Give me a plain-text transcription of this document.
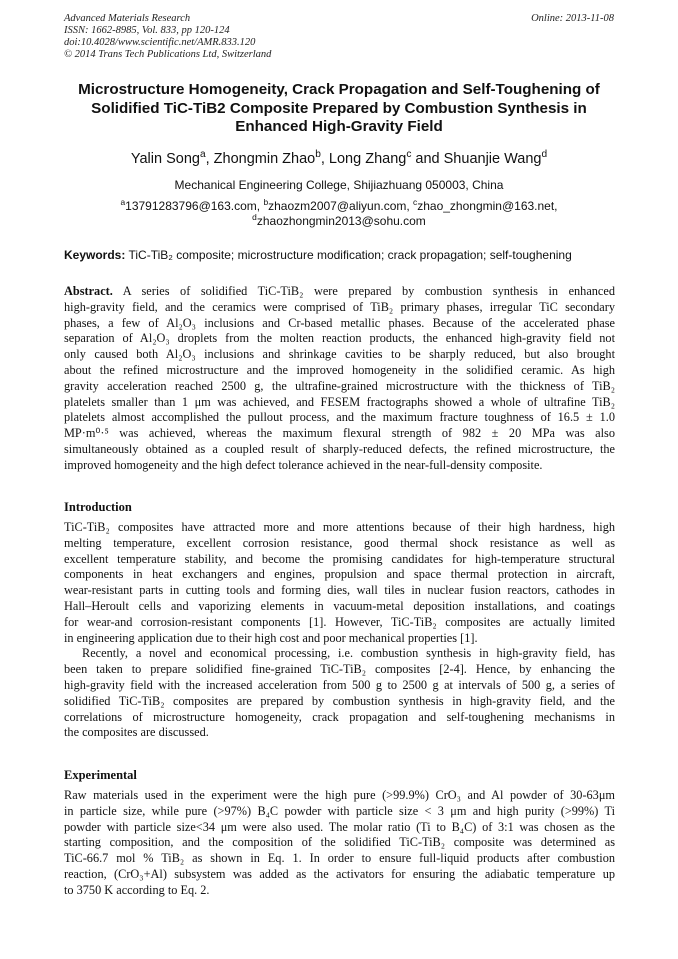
Advanced Materials Research
ISSN: 1662-8985, Vol. 833, pp 120-124
doi:10.4028/www.scientific.net/AMR.833.120
© 2014 Trans Tech Publications Ltd, Switzerland
Online: 2013-11-08
Microstructure Homogeneity, Crack Propagation and Self-Toughening of
Solidified TiC-TiB2 Composite Prepared by Combustion Synthesis in
Enhanced High-Gravity Field
Yalin Song$^a$, Zhongmin Zhao$^b$, Long Zhang$^c$ and Shuanjie Wang$^d$
Mechanical Engineering College, Shijiazhuang 050003, China
$^a$13791283796@163.com, $^b$zhaozm2007@aliyun.com, $^c$zhao_zhongmin@163.net,
$^d$zhaozhongmin2013@sohu.com
Keywords: TiC-TiB₂ composite; microstructure modification; crack propagation; self-toughening
Abstract. A series of solidified TiC-TiB₂ were prepared by combustion synthesis in enhanced
high-gravity field, and the ceramics were comprised of TiB₂ primary phases, irregular TiC secondary
phases, a few of Al₂O₃ inclusions and Cr-based metallic phases. Because of the accelerated phase
separation of Al₂O₃ droplets from the molten reaction products, the enhanced high-gravity field not
only caused both Al₂O₃ inclusions and shrinkage cavities to be sharply reduced, but also brought
about the refined microstructure and the improved homogeneity in the solidified ceramic. As high
gravity acceleration reached 2500 g, the ultrafine-grained microstructure with the thickness of TiB₂
platelets smaller than 1 μm was achieved, and FESEM fractographs showed a whole of ultrafine TiB₂
platelets almost accomplished the pullout process, and the maximum fracture toughness of 16.5 ± 1.0
MP·m⁰·⁵ was achieved, whereas the maximum flexural strength of 982 ± 20 MPa was also
simultaneously obtained as a coupled result of sharply-reduced defects, the refined microstructure, the
improved homogeneity and the high defect tolerance achieved in the near-full-density composite.
Introduction
TiC-TiB₂ composites have attracted more and more attentions because of their high hardness, high
melting temperature, excellent corrosion resistance, good thermal shock resistance as well as
excellent temperature stability, and become the promising candidates for high-temperature structural
components in heat exchangers and engines, propulsion and space thermal protection in aircraft,
wear-resistant parts in cutting tools and forming dies, wall tiles in nuclear fusion reactors, cathodes in
Hall–Heroult cells and vaporizing elements in vacuum-metal deposition installations, and coatings
for wear-and corrosion-resistant components [1]. However, TiC-TiB₂ composites are actually limited
in engineering application due to their high cost and poor mechanical properties [1].
Recently, a novel and economical processing, i.e. combustion synthesis in high-gravity field, has
been taken to prepare solidified fine-grained TiC-TiB₂ composites [2-4]. Hence, by enhancing the
high-gravity field with the increased acceleration from 500 g to 2500 g at intervals of 500 g, a series of
solidified TiC-TiB₂ composites are prepared by combustion synthesis in high-gravity field, and the
correlations of microstructure homogeneity, crack propagation and self-toughening mechanisms in
the composites are discussed.
Experimental
Raw materials used in the experiment were the high pure (>99.9%) CrO₃ and Al powder of 30-63μm
in particle size, while pure (>97%) B₄C powder with particle size < 3 μm and high purity (>99%) Ti
powder with particle size<34 μm were also used. The molar ratio (Ti to B₄C) of 3:1 was chosen as the
starting composition, and the composition of the solidified TiC-TiB₂ composite was determined as
TiC-66.7 mol % TiB₂ as shown in Eq. 1. In order to ensure full-liquid products after combustion
reaction, (CrO₃+Al) subsystem was added as the activators for ensuring the adiabatic temperature up
to 3750 K according to Eq. 2.
